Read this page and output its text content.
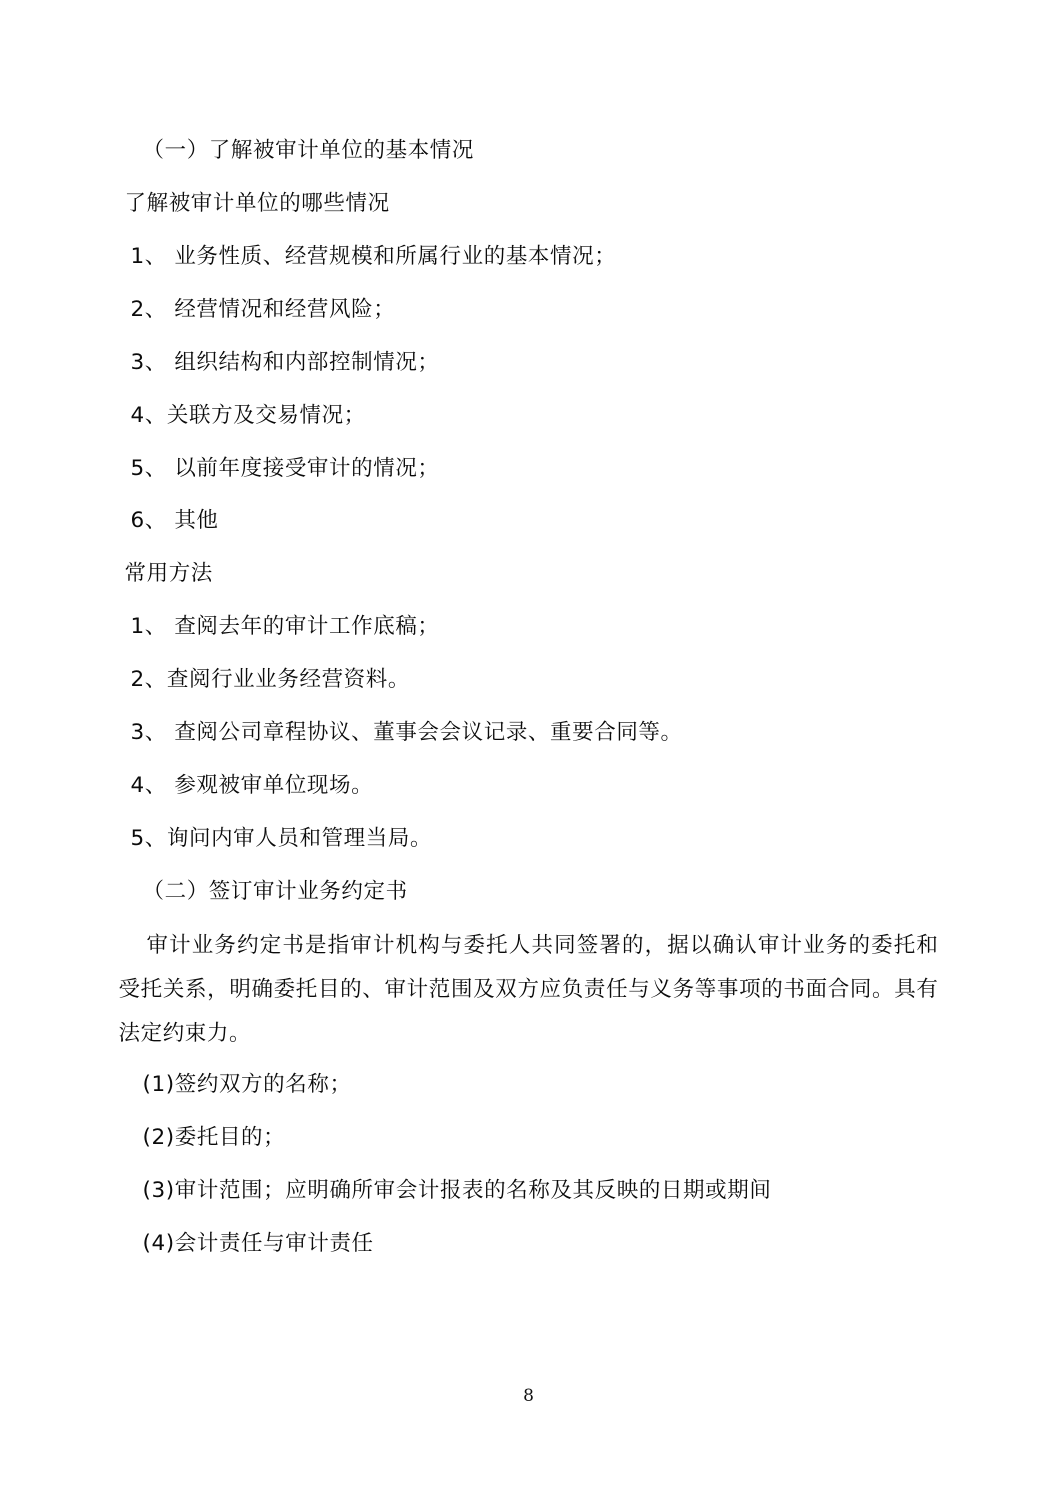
（一）了解被审计单位的基本情况

了解被审计单位的哪些情况

1、 业务性质、经营规模和所属行业的基本情况；

2、 经营情况和经营风险；

3、 组织结构和内部控制情况；

4、关联方及交易情况；

5、 以前年度接受审计的情况；

6、 其他

常用方法

1、 查阅去年的审计工作底稿；

2、查阅行业业务经营资料。

3、 查阅公司章程协议、董事会会议记录、重要合同等。

4、 参观被审单位现场。

5、询问内审人员和管理当局。

（二）签订审计业务约定书

审计业务约定书是指审计机构与委托人共同签署的，据以确认审计业务的委托和受托关系，明确委托目的、审计范围及双方应负责任与义务等事项的书面合同。具有法定约束力。

(1)签约双方的名称；

(2)委托目的；

(3)审计范围；应明确所审会计报表的名称及其反映的日期或期间

(4)会计责任与审计责任

8
